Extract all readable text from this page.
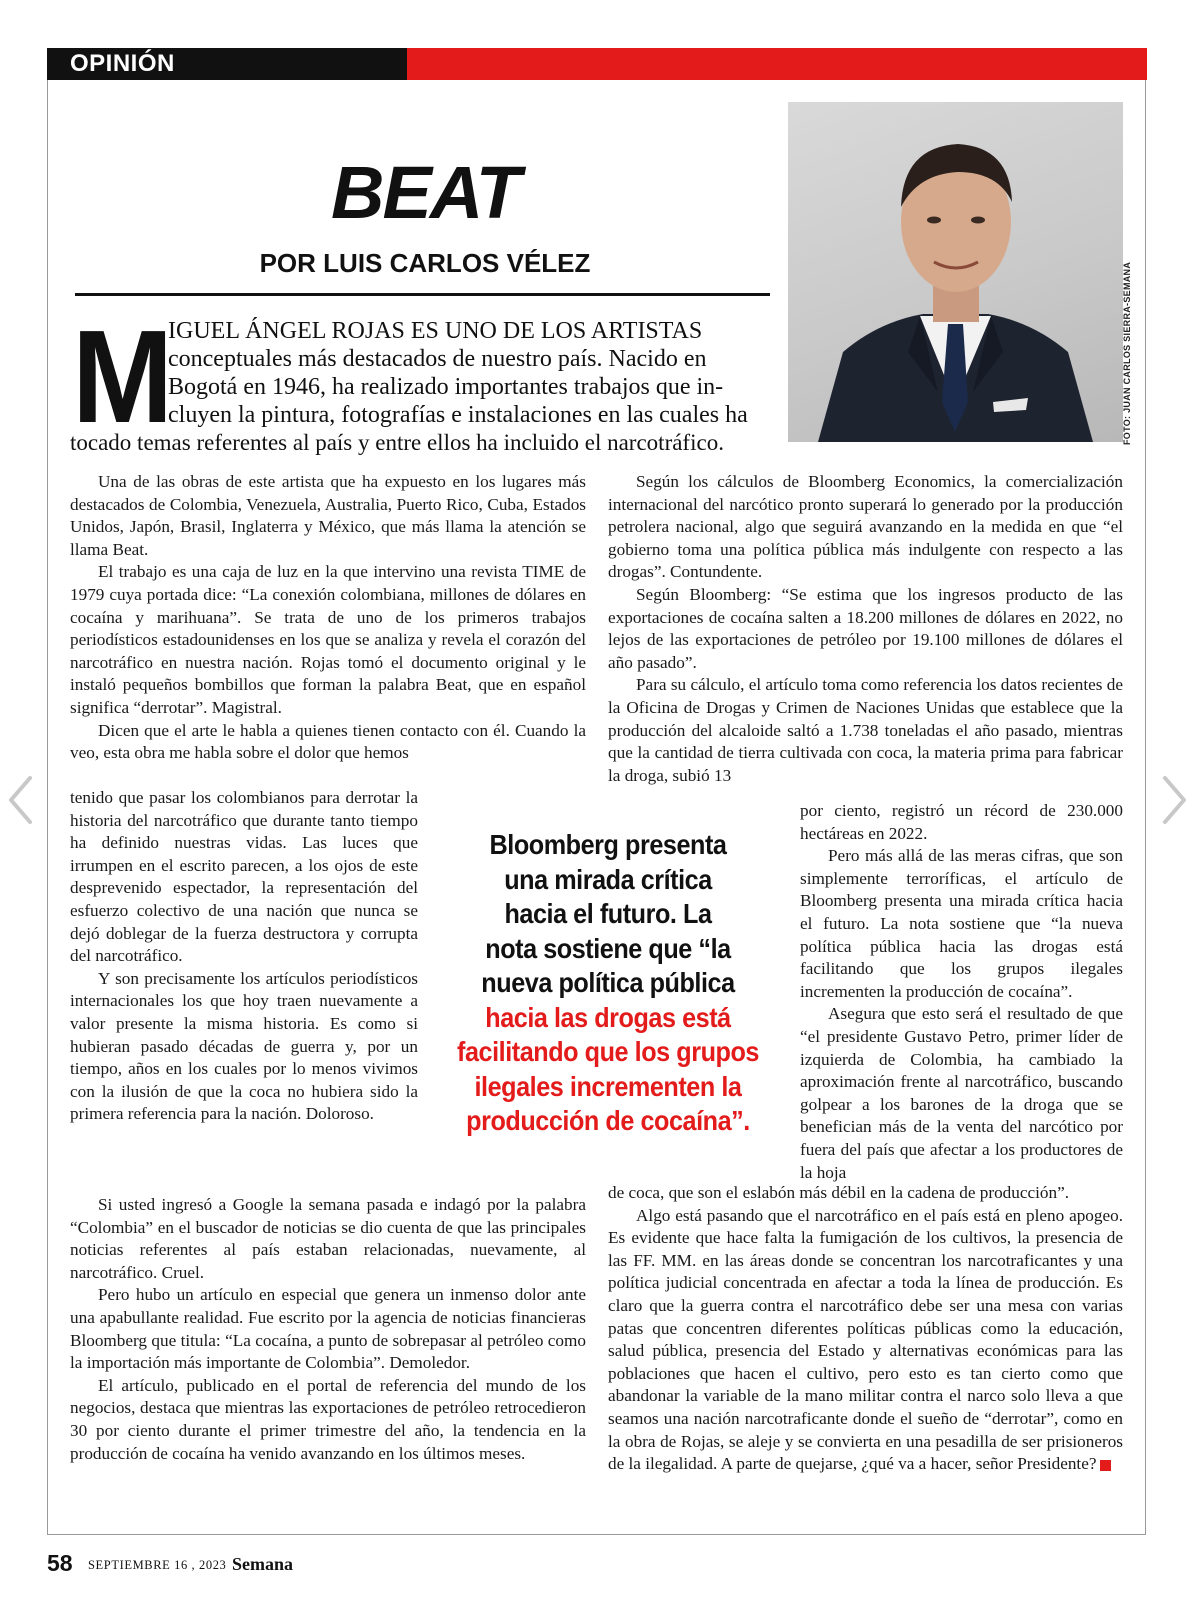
OPINIÓN
BEAT
POR LUIS CARLOS VÉLEZ	FOTO: JUAN CARLOS SIERRA-SEMANA
M
IGUEL ÁNGEL ROJAS ES UNO DE LOS ARTISTAS
conceptuales más destacados de nuestro país. Nacido en
Bogotá en 1946, ha realizado importantes trabajos que in-
cluyen la pintura, fotografías e instalaciones en las cuales ha
tocado temas referentes al país y entre ellos ha incluido el narcotráfico.

Una de las obras de este artista que ha expuesto en los lugares más destacados de Colombia, Venezuela, Australia, Puerto Rico, Cuba, Estados Unidos, Japón, Brasil, Inglaterra y México, que más llama la atención se llama Beat.

El trabajo es una caja de luz en la que intervino una revista TIME de 1979 cuya portada dice: “La conexión colombiana, millones de dólares en cocaína y marihuana”. Se trata de uno de los primeros trabajos periodísticos estadounidenses en los que se analiza y revela el corazón del narcotráfico en nuestra nación. Rojas tomó el documento original y le instaló pequeños bombillos que forman la palabra Beat, que en español significa “derrotar”. Magistral.

Dicen que el arte le habla a quienes tienen contacto con él. Cuando la veo, esta obra me habla sobre el dolor que hemos

tenido que pasar los colombianos para derrotar la historia del narcotráfico que durante tanto tiempo ha definido nuestras vidas. Las luces que irrumpen en el escrito parecen, a los ojos de este desprevenido espectador, la representación del esfuerzo colectivo de una nación que nunca se dejó doblegar de la fuerza destructora y corrupta del narcotráfico.

Y son precisamente los artículos periodísticos internacionales los que hoy traen nuevamente a valor presente la misma historia. Es como si hubieran pasado décadas de guerra y, por un tiempo, años en los cuales por lo menos vivimos con la ilusión de que la coca no hubiera sido la primera referencia para la nación. Doloroso.

Si usted ingresó a Google la semana pasada e indagó por la palabra “Colombia” en el buscador de noticias se dio cuenta de que las principales noticias referentes al país estaban relacionadas, nuevamente, al narcotráfico. Cruel.

Pero hubo un artículo en especial que genera un inmenso dolor ante una apabullante realidad. Fue escrito por la agencia de noticias financieras Bloomberg que titula: “La cocaína, a punto de sobrepasar al petróleo como la importación más importante de Colombia”. Demoledor.

El artículo, publicado en el portal de referencia del mundo de los negocios, destaca que mientras las exportaciones de petróleo retrocedieron 30 por ciento durante el primer trimestre del año, la tendencia en la producción de cocaína ha venido avanzando en los últimos meses.

Según los cálculos de Bloomberg Economics, la comercialización internacional del narcótico pronto superará lo generado por la producción petrolera nacional, algo que seguirá avanzando en la medida en que “el gobierno toma una política pública más indulgente con respecto a las drogas”. Contundente.

Según Bloomberg: “Se estima que los ingresos producto de las exportaciones de cocaína salten a 18.200 millones de dólares en 2022, no lejos de las exportaciones de petróleo por 19.100 millones de dólares el año pasado”.

Para su cálculo, el artículo toma como referencia los datos recientes de la Oficina de Drogas y Crimen de Naciones Unidas que establece que la producción del alcaloide saltó a 1.738 toneladas el año pasado, mientras que la cantidad de tierra cultivada con coca, la materia prima para fabricar la droga, subió 13

por ciento, registró un récord de 230.000 hectáreas en 2022.

Pero más allá de las meras cifras, que son simplemente terroríficas, el artículo de Bloomberg presenta una mirada crítica hacia el futuro. La nota sostiene que “la nueva política pública hacia las drogas está facilitando que los grupos ilegales incrementen la producción de cocaína”.

Asegura que esto será el resultado de que “el presidente Gustavo Petro, primer líder de izquierda de Colombia, ha cambiado la aproximación frente al narcotráfico, buscando golpear a los barones de la droga que se benefician más de la venta del narcótico por fuera del país que afectar a los productores de la hoja

de coca, que son el eslabón más débil en la cadena de producción”.

Algo está pasando que el narcotráfico en el país está en pleno apogeo. Es evidente que hace falta la fumigación de los cultivos, la presencia de las FF. MM. en las áreas donde se concentran los narcotraficantes y una política judicial concentrada en afectar a toda la línea de producción. Es claro que la guerra contra el narcotráfico debe ser una mesa con varias patas que concentren diferentes políticas públicas como la educación, salud pública, presencia del Estado y alternativas económicas para las poblaciones que hacen el cultivo, pero esto es tan cierto como que abandonar la variable de la mano militar contra el narco solo lleva a que seamos una nación narcotraficante donde el sueño de “derrotar”, como en la obra de Rojas, se aleje y se convierta en una pesadilla de ser prisioneros de la ilegalidad. A parte de quejarse, ¿qué va a hacer, señor Presidente?

Bloomberg presenta
una mirada crítica
hacia el futuro. La
nota sostiene que “la
nueva política pública
hacia las drogas está
facilitando que los grupos
ilegales incrementen la
producción de cocaína”.
58 SEPTIEMBRE 16 , 2023 Semana
